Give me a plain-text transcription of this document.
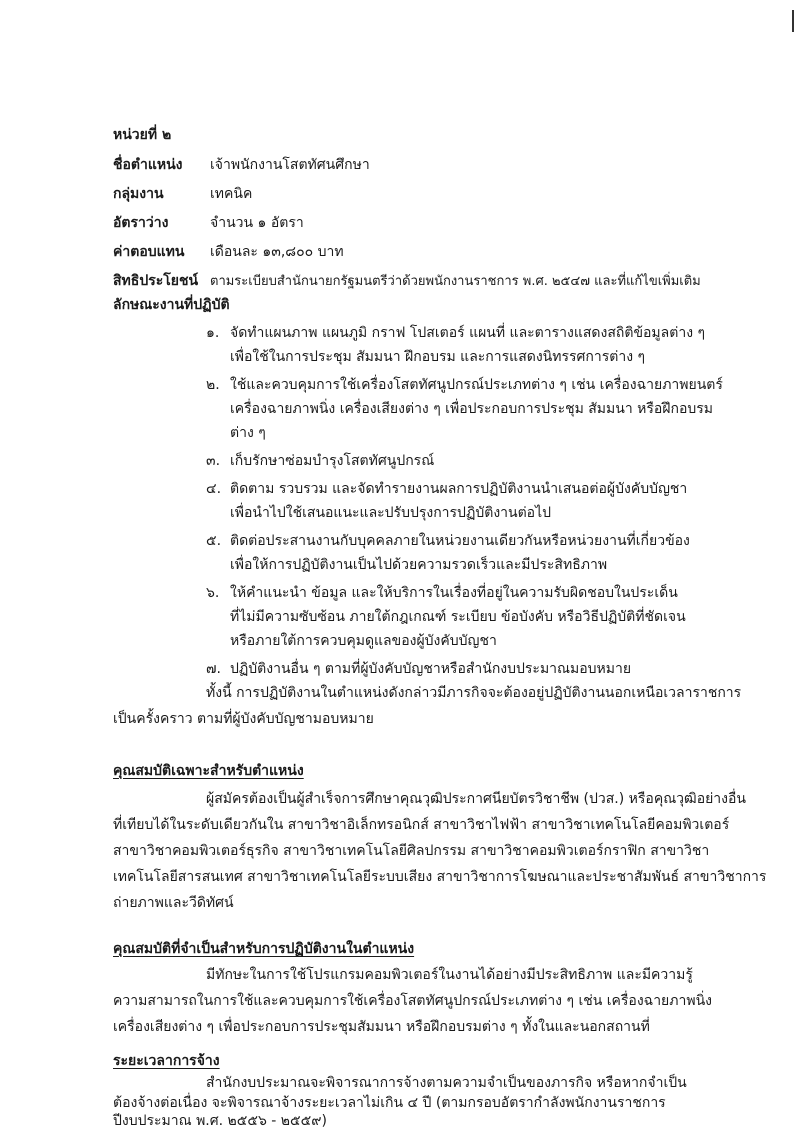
หน่วยที่ ๒
ชื่อตำแหน่ง เจ้าพนักงานโสตทัศนศึกษา
กลุ่มงาน	เทคนิค
อัตราว่าง	จำนวน ๑ อัตรา
ค่าตอบแทน เดือนละ ๑๓,๘๐๐ บาท
สิทธิประโยชน์ ตามระเบียบสำนักนายกรัฐมนตรีว่าด้วยพนักงานราชการ พ.ศ. ๒๕๔๗ และที่แก้ไขเพิ่มเติม
ลักษณะงานที่ปฏิบัติ
๑. จัดทำแผนภาพ แผนภูมิ กราฟ โปสเตอร์ แผนที่ และตารางแสดงสถิติข้อมูลต่าง ๆ
เพื่อใช้ในการประชุม สัมมนา ฝึกอบรม และการแสดงนิทรรศการต่าง ๆ
๒. ใช้และควบคุมการใช้เครื่องโสตทัศนูปกรณ์ประเภทต่าง ๆ เช่น เครื่องฉายภาพยนตร์
เครื่องฉายภาพนิ่ง เครื่องเสียงต่าง ๆ เพื่อประกอบการประชุม สัมมนา หรือฝึกอบรม
ต่าง ๆ
๓. เก็บรักษาซ่อมบำรุงโสตทัศนูปกรณ์
๔. ติดตาม รวบรวม และจัดทำรายงานผลการปฏิบัติงานนำเสนอต่อผู้บังคับบัญชา
เพื่อนำไปใช้เสนอแนะและปรับปรุงการปฏิบัติงานต่อไป
๕. ติดต่อประสานงานกับบุคคลภายในหน่วยงานเดียวกันหรือหน่วยงานที่เกี่ยวข้อง
เพื่อให้การปฏิบัติงานเป็นไปด้วยความรวดเร็วและมีประสิทธิภาพ
๖. ให้คำแนะนำ ข้อมูล และให้บริการในเรื่องที่อยู่ในความรับผิดชอบในประเด็น
ที่ไม่มีความซับซ้อน ภายใต้กฎเกณฑ์ ระเบียบ ข้อบังคับ หรือวิธีปฏิบัติที่ชัดเจน
หรือภายใต้การควบคุมดูแลของผู้บังคับบัญชา
๗. ปฏิบัติงานอื่น ๆ ตามที่ผู้บังคับบัญชาหรือสำนักงบประมาณมอบหมาย
ทั้งนี้ การปฏิบัติงานในตำแหน่งดังกล่าวมีภารกิจจะต้องอยู่ปฏิบัติงานนอกเหนือเวลาราชการ
เป็นครั้งคราว ตามที่ผู้บังคับบัญชามอบหมาย
คุณสมบัติเฉพาะสำหรับตำแหน่ง
ผู้สมัครต้องเป็นผู้สำเร็จการศึกษาคุณวุฒิประกาศนียบัตรวิชาชีพ (ปวส.) หรือคุณวุฒิอย่างอื่น
ที่เทียบได้ในระดับเดียวกันใน สาขาวิชาอิเล็กทรอนิกส์ สาขาวิชาไฟฟ้า สาขาวิชาเทคโนโลยีคอมพิวเตอร์
สาขาวิชาคอมพิวเตอร์ธุรกิจ สาขาวิชาเทคโนโลยีศิลปกรรม สาขาวิชาคอมพิวเตอร์กราฟิก สาขาวิชา
เทคโนโลยีสารสนเทศ สาขาวิชาเทคโนโลยีระบบเสียง สาขาวิชาการโฆษณาและประชาสัมพันธ์ สาขาวิชาการ
ถ่ายภาพและวีดิทัศน์
คุณสมบัติที่จำเป็นสำหรับการปฏิบัติงานในตำแหน่ง
มีทักษะในการใช้โปรแกรมคอมพิวเตอร์ในงานได้อย่างมีประสิทธิภาพ และมีความรู้
ความสามารถในการใช้และควบคุมการใช้เครื่องโสตทัศนูปกรณ์ประเภทต่าง ๆ เช่น เครื่องฉายภาพนิ่ง
เครื่องเสียงต่าง ๆ เพื่อประกอบการประชุมสัมมนา หรือฝึกอบรมต่าง ๆ ทั้งในและนอกสถานที่
ระยะเวลาการจ้าง
สำนักงบประมาณจะพิจารณาการจ้างตามความจำเป็นของภารกิจ หรือหากจำเป็น
ต้องจ้างต่อเนื่อง จะพิจารณาจ้างระยะเวลาไม่เกิน ๔ ปี (ตามกรอบอัตรากำลังพนักงานราชการ
ปีงบประมาณ พ.ศ. ๒๕๕๖ - ๒๕๕๙)
